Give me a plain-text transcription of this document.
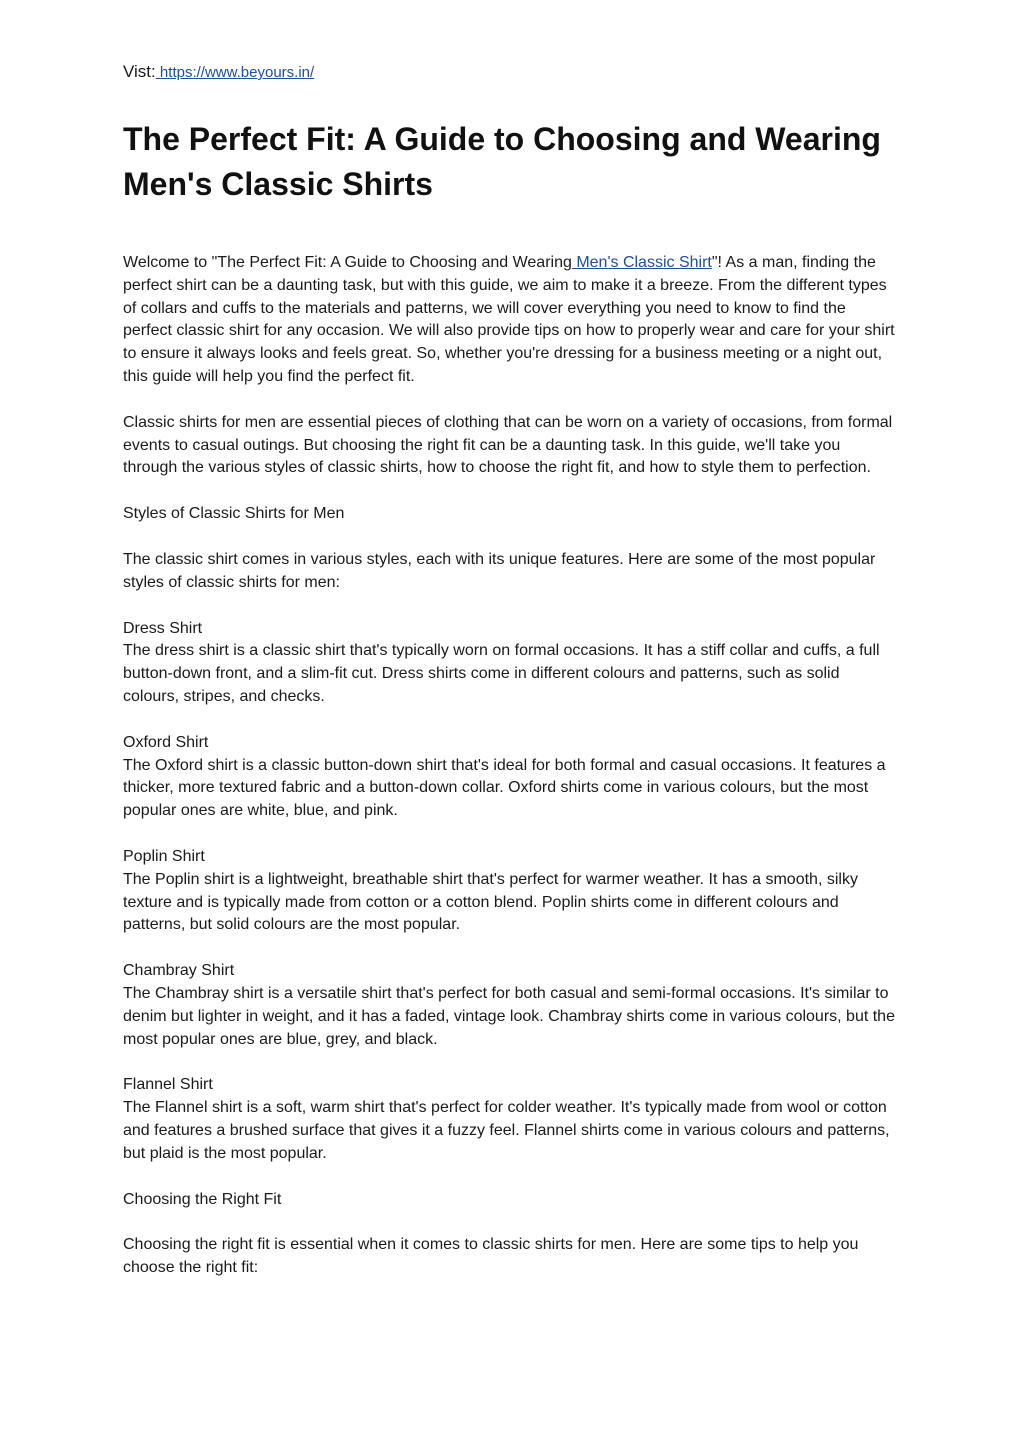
Vist: https://www.beyours.in/
The Perfect Fit: A Guide to Choosing and Wearing Men's Classic Shirts

Welcome to "The Perfect Fit: A Guide to Choosing and Wearing Men's Classic Shirt"! As a man, finding the perfect shirt can be a daunting task, but with this guide, we aim to make it a breeze. From the different types of collars and cuffs to the materials and patterns, we will cover everything you need to know to find the perfect classic shirt for any occasion. We will also provide tips on how to properly wear and care for your shirt to ensure it always looks and feels great. So, whether you're dressing for a business meeting or a night out, this guide will help you find the perfect fit.

Classic shirts for men are essential pieces of clothing that can be worn on a variety of occasions, from formal events to casual outings. But choosing the right fit can be a daunting task. In this guide, we'll take you through the various styles of classic shirts, how to choose the right fit, and how to style them to perfection.

Styles of Classic Shirts for Men

The classic shirt comes in various styles, each with its unique features. Here are some of the most popular styles of classic shirts for men:

Dress Shirt
The dress shirt is a classic shirt that's typically worn on formal occasions. It has a stiff collar and cuffs, a full button-down front, and a slim-fit cut. Dress shirts come in different colours and patterns, such as solid colours, stripes, and checks.

Oxford Shirt
The Oxford shirt is a classic button-down shirt that's ideal for both formal and casual occasions. It features a thicker, more textured fabric and a button-down collar. Oxford shirts come in various colours, but the most popular ones are white, blue, and pink.

Poplin Shirt
The Poplin shirt is a lightweight, breathable shirt that's perfect for warmer weather. It has a smooth, silky texture and is typically made from cotton or a cotton blend. Poplin shirts come in different colours and patterns, but solid colours are the most popular.

Chambray Shirt
The Chambray shirt is a versatile shirt that's perfect for both casual and semi-formal occasions. It's similar to denim but lighter in weight, and it has a faded, vintage look. Chambray shirts come in various colours, but the most popular ones are blue, grey, and black.

Flannel Shirt
The Flannel shirt is a soft, warm shirt that's perfect for colder weather. It's typically made from wool or cotton and features a brushed surface that gives it a fuzzy feel. Flannel shirts come in various colours and patterns, but plaid is the most popular.

Choosing the Right Fit

Choosing the right fit is essential when it comes to classic shirts for men. Here are some tips to help you choose the right fit:
